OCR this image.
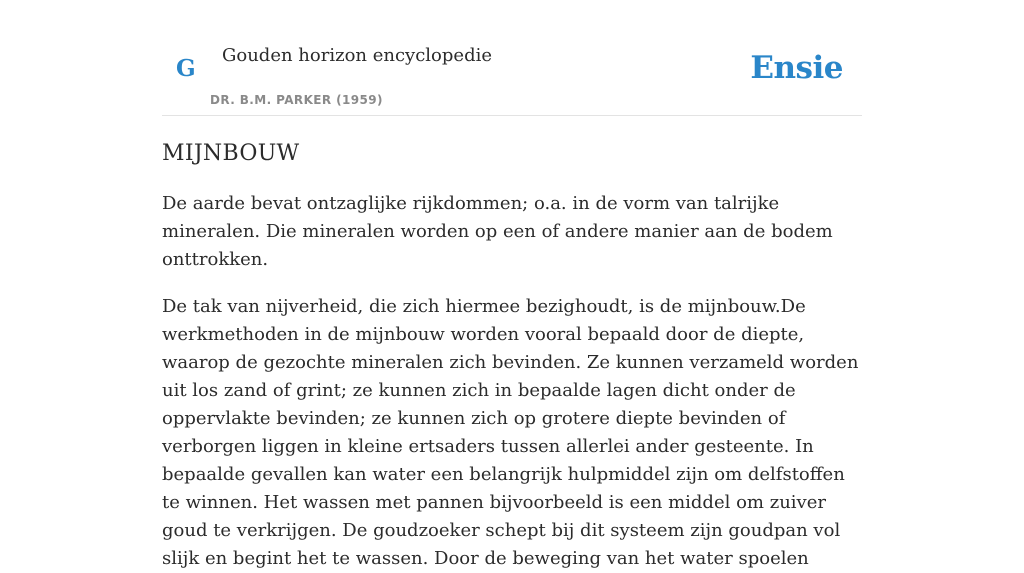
G Gouden horizon encyclopedie
DR. B.M. PARKER (1959)
Ensie
MIJNBOUW

De aarde bevat ontzaglijke rijkdommen; o.a. in de vorm van talrijke mineralen. Die mineralen worden op een of andere manier aan de bodem onttrokken.

De tak van nijverheid, die zich hiermee bezighoudt, is de mijnbouw.De werkmethoden in de mijnbouw worden vooral bepaald door de diepte, waarop de gezochte mineralen zich bevinden. Ze kunnen verzameld worden uit los zand of grint; ze kunnen zich in bepaalde lagen dicht onder de oppervlakte bevinden; ze kunnen zich op grotere diepte bevinden of verborgen liggen in kleine ertsaders tussen allerlei ander gesteente. In bepaalde gevallen kan water een belangrijk hulpmiddel zijn om delfstoffen te winnen. Het wassen met pannen bijvoorbeeld is een middel om zuiver goud te verkrijgen. De goudzoeker schept bij dit systeem zijn goudpan vol slijk en begint het te wassen. Door de beweging van het water spoelen
